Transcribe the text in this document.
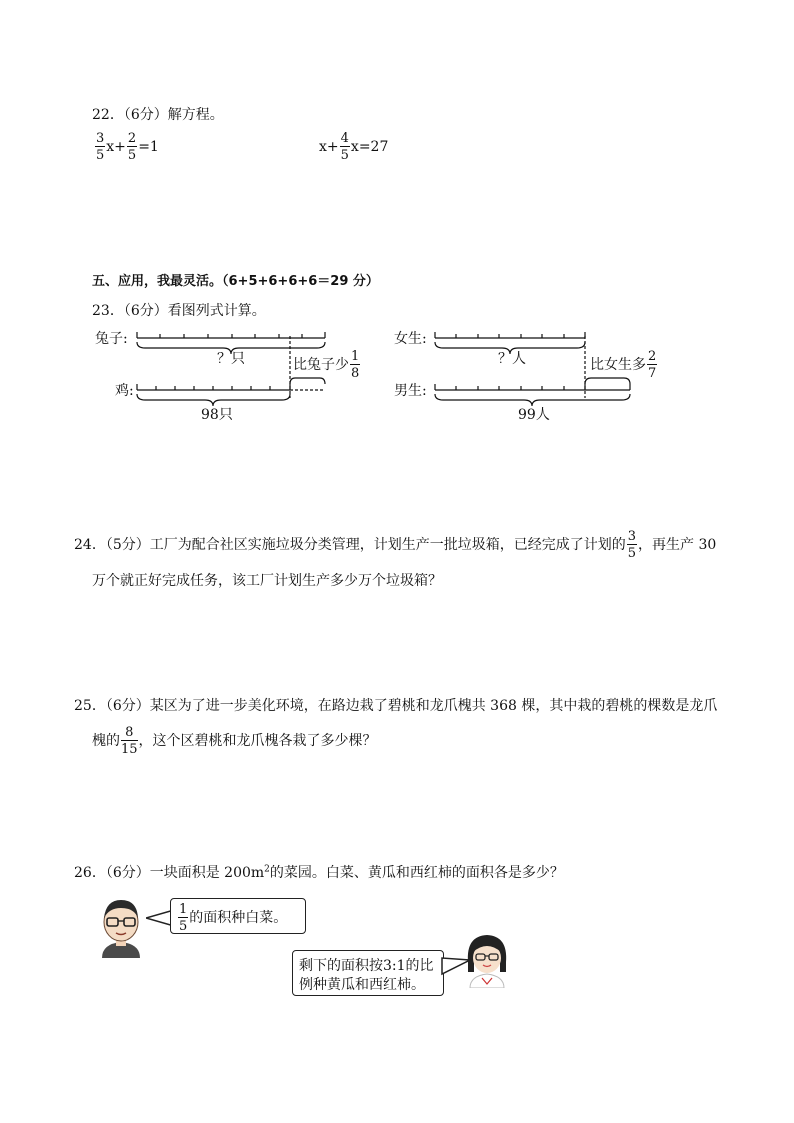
22．（6分）解方程。
$\frac{3}{5} x+ \frac{2}{5} =1$	$x+ \frac{4}{5} x=27$
五、应用，我最灵活。（6+5+6+6+6＝29 分）
23．（6分）看图列式计算。
兔子:
？只
鸡:
98只
比兔子少 $\frac{1}{8}$
女生:
？人
男生:
99人
比女生多 $\frac{2}{7}$
24．（5分）工厂为配合社区实施垃圾分类管理，计划生产一批垃圾箱，已经完成了计划的 $\frac{3}{5}$ ，再生产 30
万个就正好完成任务，该工厂计划生产多少万个垃圾箱？
25．（6分）某区为了进一步美化环境，在路边栽了碧桃和龙爪槐共 368 棵，其中栽的碧桃的棵数是龙爪
槐的 $\frac{8}{15}$ ，这个区碧桃和龙爪槐各栽了多少棵？
26．（6分）一块面积是 $200m^2$的菜园。白菜、黄瓜和西红柿的面积各是多少？
$\frac{1}{5}$ 的面积种白菜。
剩下的面积按3:1的比
例种黄瓜和西红柿。
